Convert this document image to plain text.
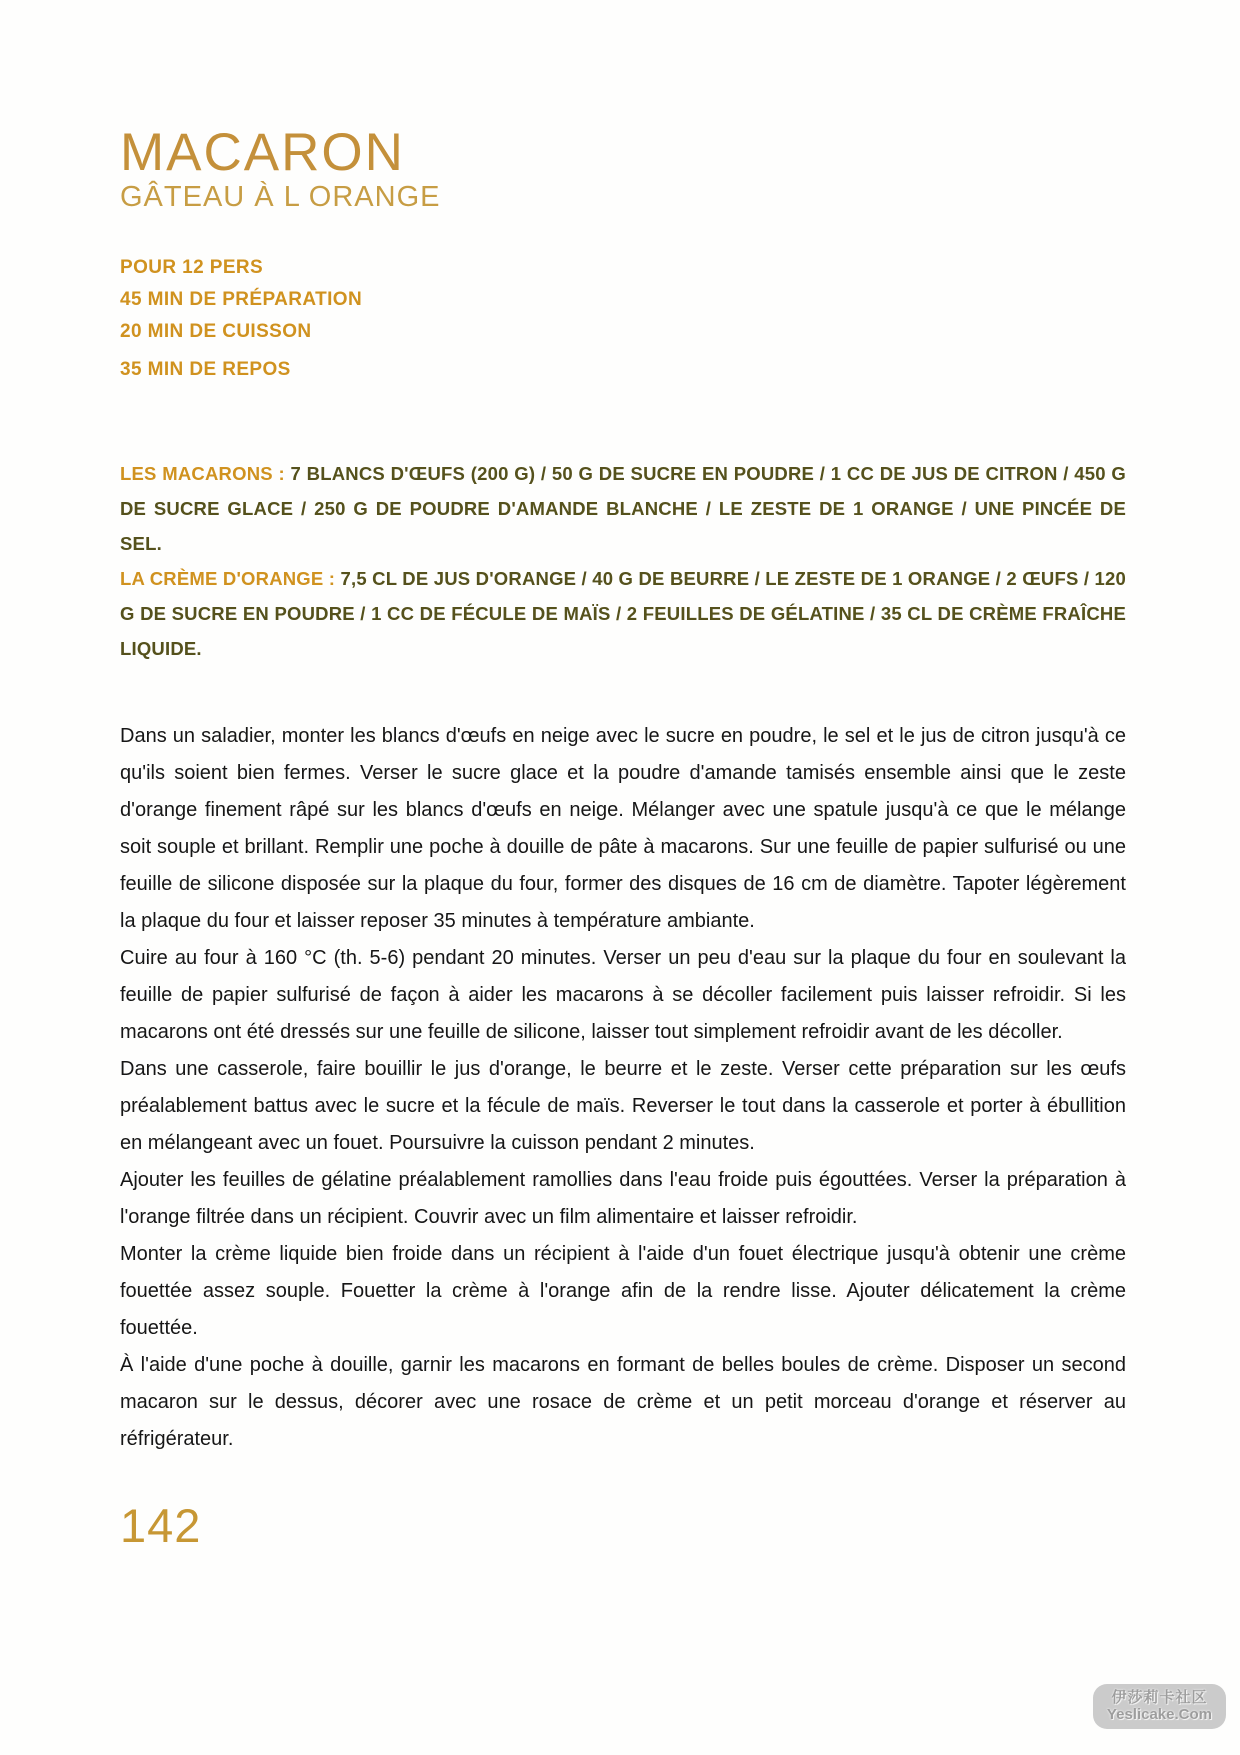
MACARON
GÂTEAU À L ORANGE
POUR 12 PERS
45 MIN DE PRÉPARATION
20 MIN DE CUISSON
35 MIN DE REPOS

LES MACARONS : 7 BLANCS D'ŒUFS (200 G) / 50 G DE SUCRE EN POUDRE / 1 CC DE JUS DE CITRON / 450 G DE SUCRE GLACE / 250 G DE POUDRE D'AMANDE BLANCHE / LE ZESTE DE 1 ORANGE / UNE PINCÉE DE SEL.

LA CRÈME D'ORANGE : 7,5 CL DE JUS D'ORANGE / 40 G DE BEURRE / LE ZESTE DE 1 ORANGE / 2 ŒUFS / 120 G DE SUCRE EN POUDRE / 1 CC DE FÉCULE DE MAÏS / 2 FEUILLES DE GÉLATINE / 35 CL DE CRÈME FRAÎCHE LIQUIDE.

Dans un saladier, monter les blancs d'œufs en neige avec le sucre en poudre, le sel et le jus de citron jusqu'à ce qu'ils soient bien fermes. Verser le sucre glace et la poudre d'amande tamisés ensemble ainsi que le zeste d'orange finement râpé sur les blancs d'œufs en neige. Mélanger avec une spatule jusqu'à ce que le mélange soit souple et brillant. Remplir une poche à douille de pâte à macarons. Sur une feuille de papier sulfurisé ou une feuille de silicone disposée sur la plaque du four, former des disques de 16 cm de diamètre. Tapoter légèrement la plaque du four et laisser reposer 35 minutes à température ambiante.

Cuire au four à 160 °C (th. 5-6) pendant 20 minutes. Verser un peu d'eau sur la plaque du four en soulevant la feuille de papier sulfurisé de façon à aider les macarons à se décoller facilement puis laisser refroidir. Si les macarons ont été dressés sur une feuille de silicone, laisser tout simplement refroidir avant de les décoller.

Dans une casserole, faire bouillir le jus d'orange, le beurre et le zeste. Verser cette préparation sur les œufs préalablement battus avec le sucre et la fécule de maïs. Reverser le tout dans la casserole et porter à ébullition en mélangeant avec un fouet. Poursuivre la cuisson pendant 2 minutes.

Ajouter les feuilles de gélatine préalablement ramollies dans l'eau froide puis égouttées. Verser la préparation à l'orange filtrée dans un récipient. Couvrir avec un film alimentaire et laisser refroidir.

Monter la crème liquide bien froide dans un récipient à l'aide d'un fouet électrique jusqu'à obtenir une crème fouettée assez souple. Fouetter la crème à l'orange afin de la rendre lisse. Ajouter délicatement la crème fouettée.

À l'aide d'une poche à douille, garnir les macarons en formant de belles boules de crème. Disposer un second macaron sur le dessus, décorer avec une rosace de crème et un petit morceau d'orange et réserver au réfrigérateur.

142
伊莎莉卡社区
Yeslicake.Com
